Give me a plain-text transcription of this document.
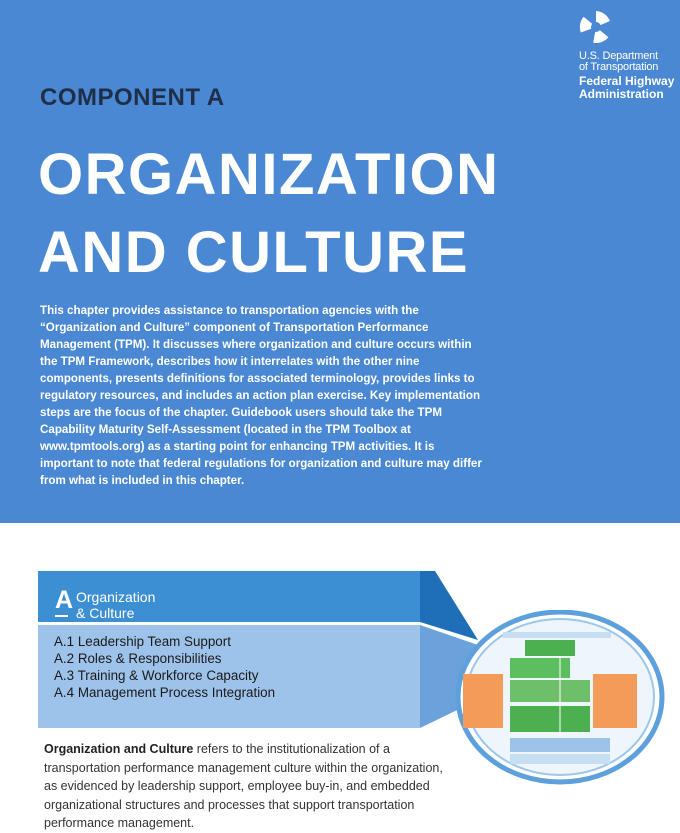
U.S. Department
of Transportation
Federal Highway
Administration
COMPONENT A
ORGANIZATION
AND CULTURE
This chapter provides assistance to transportation agencies with the “Organization and Culture” component of Transportation Performance Management (TPM). It discusses where organization and culture occurs within the TPM Framework, describes how it interrelates with the other nine components, presents definitions for associated terminology, provides links to regulatory resources, and includes an action plan exercise. Key implementation steps are the focus of the chapter. Guidebook users should take the TPM Capability Maturity Self-Assessment (located in the TPM Toolbox at www.tpmtools.org) as a starting point for enhancing TPM activities. It is important to note that federal regulations for organization and culture may differ from what is included in this chapter.
A Organization
& Culture
A.1 Leadership Team Support
A.2 Roles & Responsibilities
A.3 Training & Workforce Capacity
A.4 Management Process Integration
Organization and Culture refers to the institutionalization of a transportation performance management culture within the organization, as evidenced by leadership support, employee buy-in, and embedded organizational structures and processes that support transportation performance management.
